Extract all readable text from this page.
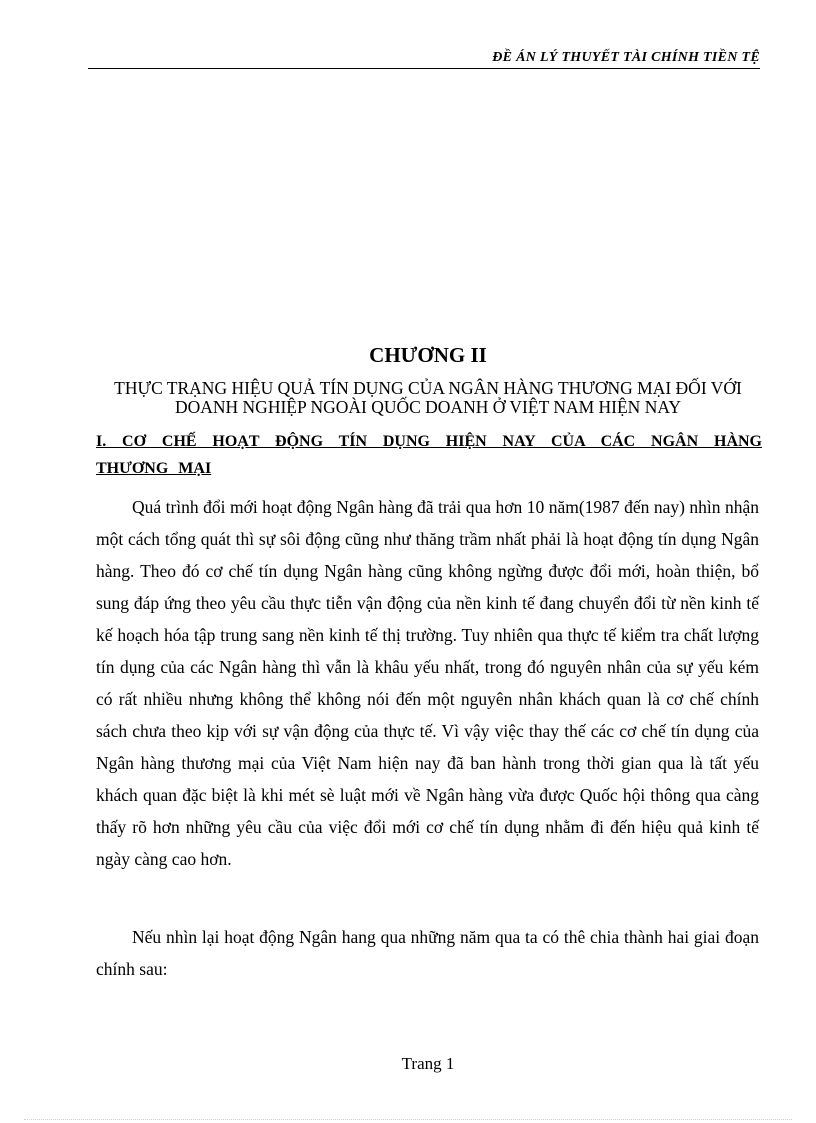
ĐỀ ÁN LÝ THUYẾT TÀI CHÍNH TIỀN TỆ
CHƯƠNG II
THỰC TRẠNG HIỆU QUẢ TÍN DỤNG CỦA NGÂN HÀNG THƯƠNG MẠI ĐỐI VỚI DOANH NGHIỆP NGOÀI QUỐC DOANH Ở VIỆT NAM HIỆN NAY
I. CƠ CHẾ HOẠT ĐỘNG TÍN DỤNG HIỆN NAY CỦA CÁC NGÂN HÀNG THƯƠNG MẠI
Quá trình đổi mới hoạt động Ngân hàng đã trải qua hơn 10 năm(1987 đến nay) nhìn nhận một cách tổng quát thì sự sôi động cũng như thăng trầm nhất phải là hoạt động tín dụng Ngân hàng. Theo đó cơ chế tín dụng Ngân hàng cũng không ngừng được đổi mới, hoàn thiện, bổ sung đáp ứng theo yêu cầu thực tiễn vận động của nền kinh tế đang chuyển đổi từ nền kinh tế kế hoạch hóa tập trung sang nền kinh tế thị trường. Tuy nhiên qua thực tế kiểm tra chất lượng tín dụng của các Ngân hàng thì vẫn là khâu yếu nhất, trong đó nguyên nhân của sự yếu kém có rất nhiều nhưng không thể không nói đến một nguyên nhân khách quan là cơ chế chính sách chưa theo kịp với sự vận động của thực tế. Vì vậy việc thay thế các cơ chế tín dụng của Ngân hàng thương mại của Việt Nam hiện nay đã ban hành trong thời gian qua là tất yếu khách quan đặc biệt là khi mét sè luật mới về Ngân hàng vừa được Quốc hội thông qua càng thấy rõ hơn những yêu cầu của việc đổi mới cơ chế tín dụng nhằm đi đến hiệu quả kinh tế ngày càng cao hơn.
Nếu nhìn lại hoạt động Ngân hang qua những năm qua ta có thê chia thành hai giai đoạn chính sau:
Trang 1
